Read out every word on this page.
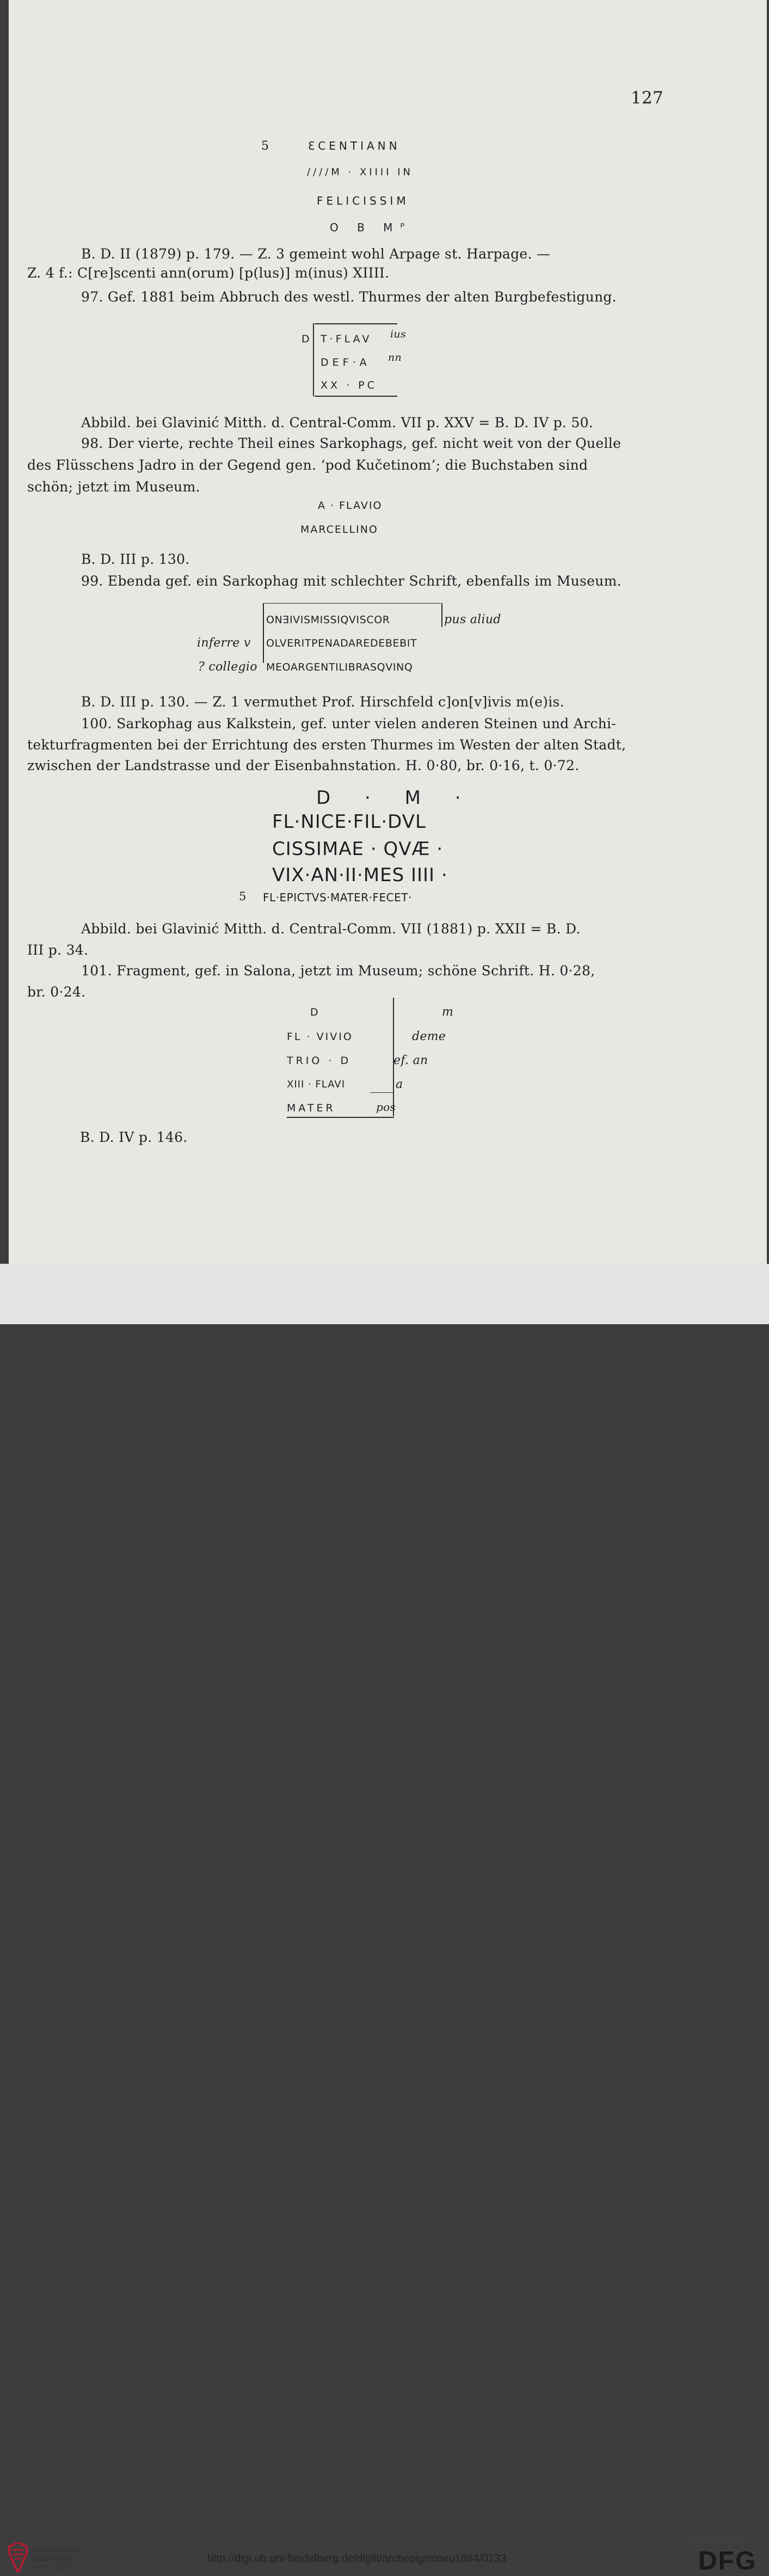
127
5	ƐCENTIANN
////M · XIIII IN
FELICISSIM
O B Mᴾ
B. D. II (1879) p. 179. — Z. 3 gemeint wohl Arpage st. Harpage. —
Z. 4 f.: C[re]scenti ann(orum) [p(lus)] m(inus) XIIII.
97. Gef. 1881 beim Abbruch des westl. Thurmes der alten Burgbefestigung.
D T·FLAV ius
DEF·A nn
XX · PC
Abbild. bei Glavinić Mitth. d. Central-Comm. VII p. XXV = B. D. IV p. 50.
98. Der vierte, rechte Theil eines Sarkophags, gef. nicht weit von der Quelle
des Flüsschens Jadro in der Gegend gen. ‘pod Kučetinom’; die Buchstaben sind
schön; jetzt im Museum.
A · FLAVIO
MARCELLINO
B. D. III p. 130.
99. Ebenda gef. ein Sarkophag mit schlechter Schrift, ebenfalls im Museum.
ONƎIVISMISSIQVISCOR	pus aliud
inferre v OLVERITPENADAREDEBEBIT
? collegio MEOARGENTILIBRASQVINQ
B. D. III p. 130. — Z. 1 vermuthet Prof. Hirschfeld c]on[v]ivis m(e)is.
100. Sarkophag aus Kalkstein, gef. unter vielen anderen Steinen und Archi-
tekturfragmenten bei der Errichtung des ersten Thurmes im Westen der alten Stadt,
zwischen der Landstrasse und der Eisenbahnstation. H. 0·80, br. 0·16, t. 0·72.
D · M ·
FL·NICE·FIL·DVL
CISSIMAE · QVÆ ·
VIX·AN·II·MES IIII ·
5 FL·EPICTVS·MATER·FECET·
Abbild. bei Glavinić Mitth. d. Central-Comm. VII (1881) p. XXII = B. D.
III p. 34.
101. Fragment, gef. in Salona, jetzt im Museum; schöne Schrift. H. 0·28,
br. 0·24.
D	m
FL · VIVIO	deme
TRIO · D	ef. an
XIII · FLAVI	a
MATER	pos
B. D. IV p. 146.
UNIVERSITÄTS-
BIBLIOTHEK
HEIDELBERG
http://digi.ub.uni-heidelberg.de/diglit/archepigrmoeu1884/0133
gefördert durch die
DFG
